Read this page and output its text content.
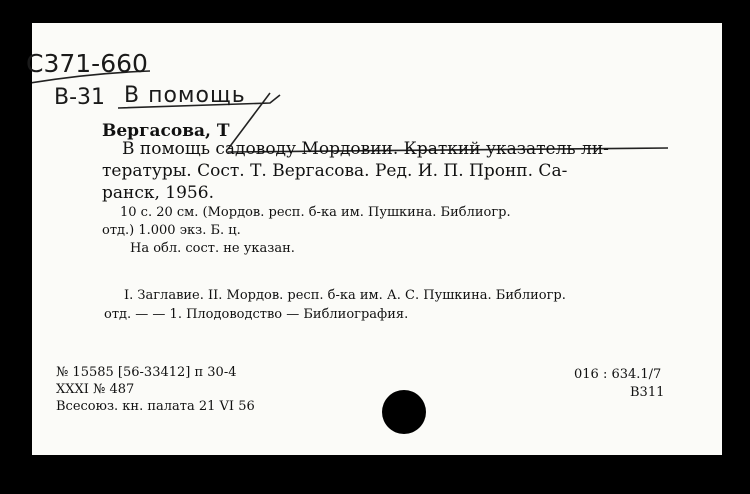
С371-660
В-31 В помощь
Вергасова, Т
В помощь садоводу Мордовии. Краткий указатель ли-
тературы. Сост. Т. Вергасова. Ред. И. П. Пронп. Са-
ранск, 1956.
10 с. 20 см. (Мордов. респ. б-ка им. Пушкина. Библиогр.
отд.) 1.000 экз. Б. ц.
На обл. сост. не указан.
I. Заглавие. II. Мордов. респ. б-ка им. А. С. Пушкина. Библиогр.
отд. — — 1. Плодоводство — Библиография.
№ 15585 [56-33412] п 30-4
XXXI № 487
Всесоюз. кн. палата 21 VI 56
016 : 634.1/7
В311
